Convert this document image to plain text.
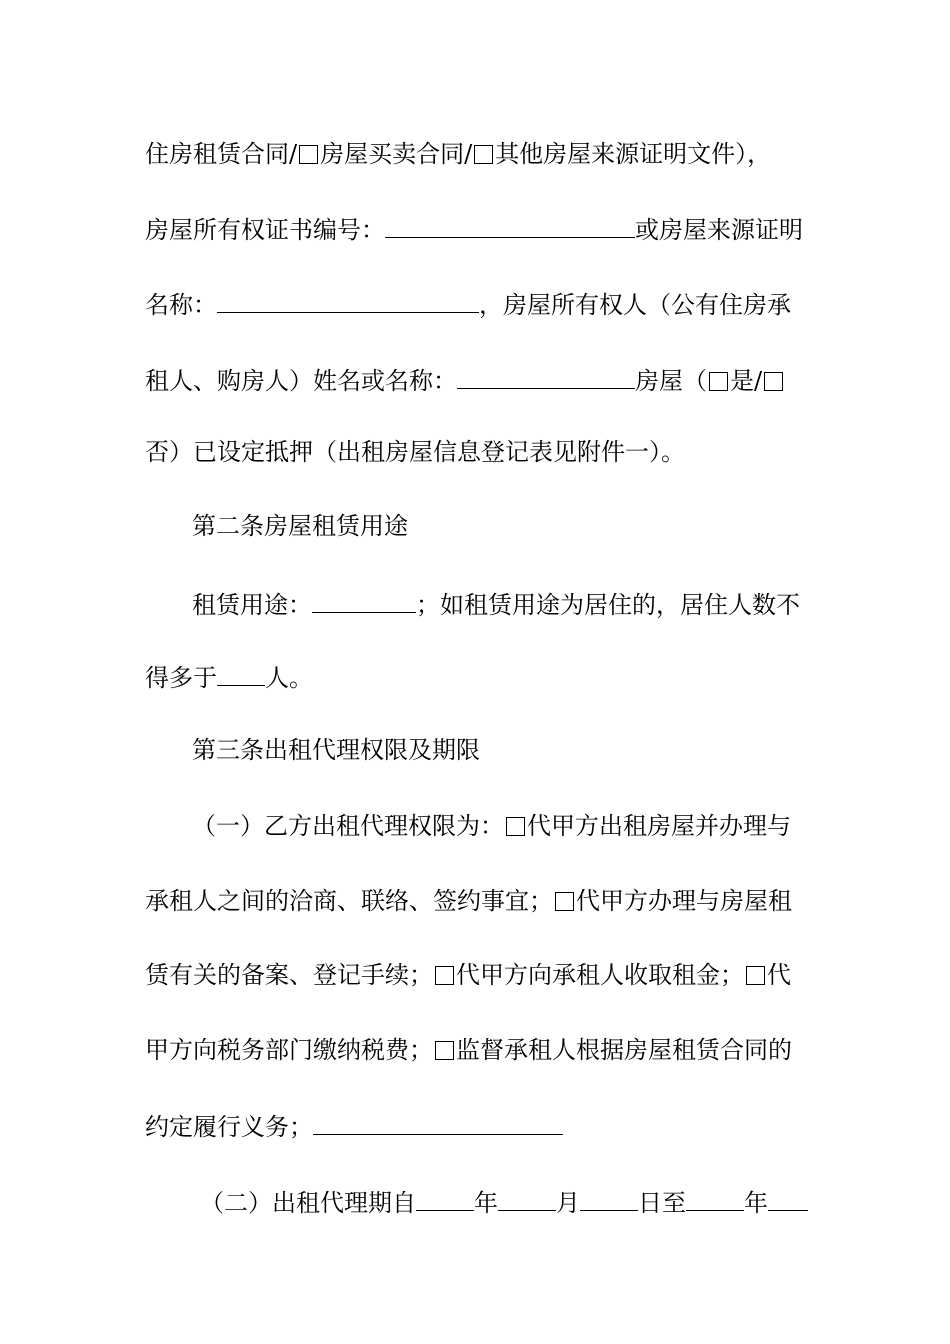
住房租赁合同/ 房屋买卖合同/ 其他房屋来源证明文件），
房屋所有权证书编号：	或房屋来源证明
名称：	，房屋所有权人（公有住房承
租人、购房人）姓名或名称：	房屋（ 是/
否）已设定抵押（出租房屋信息登记表见附件一）。
第二条房屋租赁用途
租赁用途：	；如租赁用途为居住的，居住人数不
得多于 人。
第三条出租代理权限及期限
（一）乙方出租代理权限为： 代甲方出租房屋并办理与
承租人之间的洽商、联络、签约事宜； 代甲方办理与房屋租
赁有关的备案、登记手续； 代甲方向承租人收取租金； 代
甲方向税务部门缴纳税费； 监督承租人根据房屋租赁合同的
约定履行义务；
（二）出租代理期自 年 月 日至 年
